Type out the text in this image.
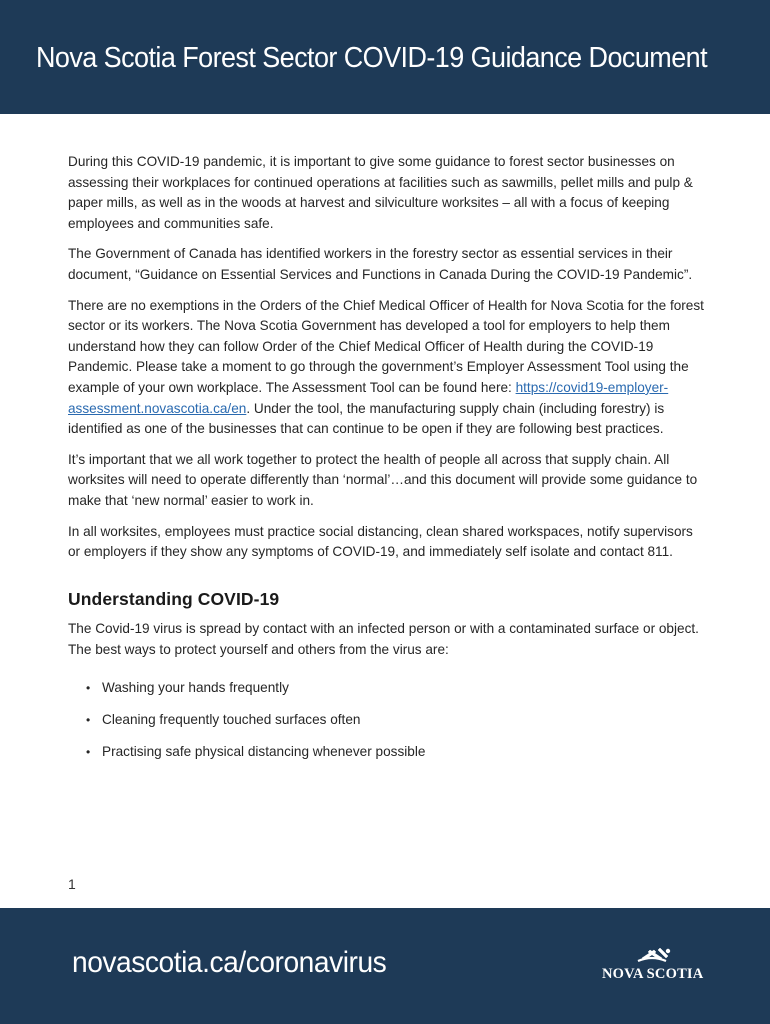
Nova Scotia Forest Sector COVID-19 Guidance Document

During this COVID-19 pandemic, it is important to give some guidance to forest sector businesses on assessing their workplaces for continued operations at facilities such as sawmills, pellet mills and pulp & paper mills, as well as in the woods at harvest and silviculture worksites – all with a focus of keeping employees and communities safe.

The Government of Canada has identified workers in the forestry sector as essential services in their document, “Guidance on Essential Services and Functions in Canada During the COVID-19 Pandemic”.

There are no exemptions in the Orders of the Chief Medical Officer of Health for Nova Scotia for the forest sector or its workers. The Nova Scotia Government has developed a tool for employers to help them understand how they can follow Order of the Chief Medical Officer of Health during the COVID-19 Pandemic. Please take a moment to go through the government’s Employer Assessment Tool using the example of your own workplace. The Assessment Tool can be found here: https://covid19-employer-assessment.novascotia.ca/en. Under the tool, the manufacturing supply chain (including forestry) is identified as one of the businesses that can continue to be open if they are following best practices.

It’s important that we all work together to protect the health of people all across that supply chain. All worksites will need to operate differently than ‘normal’…and this document will provide some guidance to make that ‘new normal’ easier to work in.

In all worksites, employees must practice social distancing, clean shared workspaces, notify supervisors or employers if they show any symptoms of COVID-19, and immediately self isolate and contact 811.

Understanding COVID-19

The Covid-19 virus is spread by contact with an infected person or with a contaminated surface or object. The best ways to protect yourself and others from the virus are:

• Washing your hands frequently
• Cleaning frequently touched surfaces often
• Practising safe physical distancing whenever possible
1
novascotia.ca/coronavirus	NOVA SCOTIA
